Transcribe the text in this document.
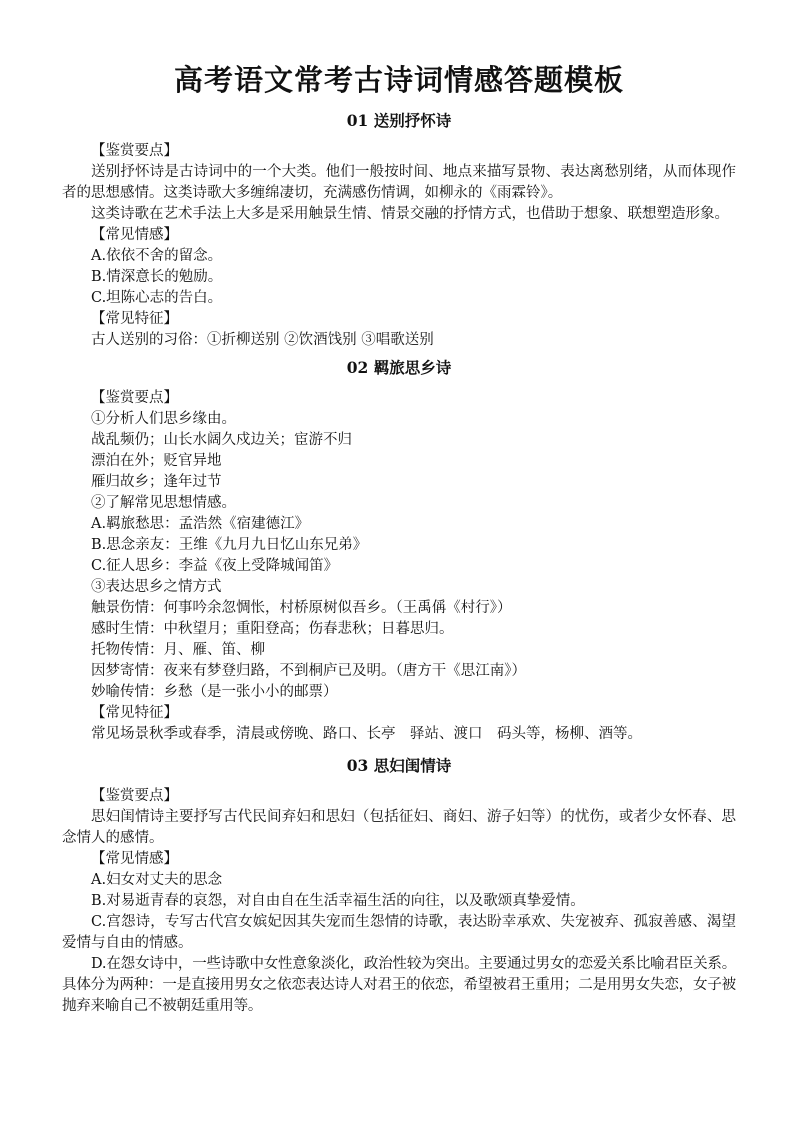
高考语文常考古诗词情感答题模板
01 送别抒怀诗

【鉴赏要点】

送别抒怀诗是古诗词中的一个大类。他们一般按时间、地点来描写景物、表达离愁别绪，从而体现作者的思想感情。这类诗歌大多缠绵凄切，充满感伤情调，如柳永的《雨霖铃》。

这类诗歌在艺术手法上大多是采用触景生情、情景交融的抒情方式，也借助于想象、联想塑造形象。

【常见情感】

A.依依不舍的留念。

B.情深意长的勉励。

C.坦陈心志的告白。

【常见特征】

古人送别的习俗：①折柳送别 ②饮酒饯别 ③唱歌送别

02 羁旅思乡诗

【鉴赏要点】

①分析人们思乡缘由。

战乱频仍；山长水阔久戍边关；宦游不归

漂泊在外；贬官异地

雁归故乡；逢年过节

②了解常见思想情感。

A.羁旅愁思：孟浩然《宿建德江》

B.思念亲友：王维《九月九日忆山东兄弟》

C.征人思乡：李益《夜上受降城闻笛》

③表达思乡之情方式

触景伤情：何事吟余忽惆怅，村桥原树似吾乡。（王禹偁《村行》）

感时生情：中秋望月；重阳登高；伤春悲秋；日暮思归。

托物传情：月、雁、笛、柳

因梦寄情：夜来有梦登归路，不到桐庐已及明。（唐方干《思江南》）

妙喻传情：乡愁（是一张小小的邮票）

【常见特征】

常见场景秋季或春季，清晨或傍晚、路口、长亭　驿站、渡口　码头等，杨柳、酒等。

03 思妇闺情诗

【鉴赏要点】

思妇闺情诗主要抒写古代民间弃妇和思妇（包括征妇、商妇、游子妇等）的忧伤，或者少女怀春、思念情人的感情。

【常见情感】

A.妇女对丈夫的思念

B.对易逝青春的哀怨，对自由自在生活幸福生活的向往，以及歌颂真挚爱情。

C.宫怨诗，专写古代宫女嫔妃因其失宠而生怨情的诗歌，表达盼幸承欢、失宠被弃、孤寂善感、渴望爱情与自由的情感。

D.在怨女诗中，一些诗歌中女性意象淡化，政治性较为突出。主要通过男女的恋爱关系比喻君臣关系。具体分为两种：一是直接用男女之依恋表达诗人对君王的依恋，希望被君王重用；二是用男女失恋，女子被抛弃来喻自己不被朝廷重用等。
